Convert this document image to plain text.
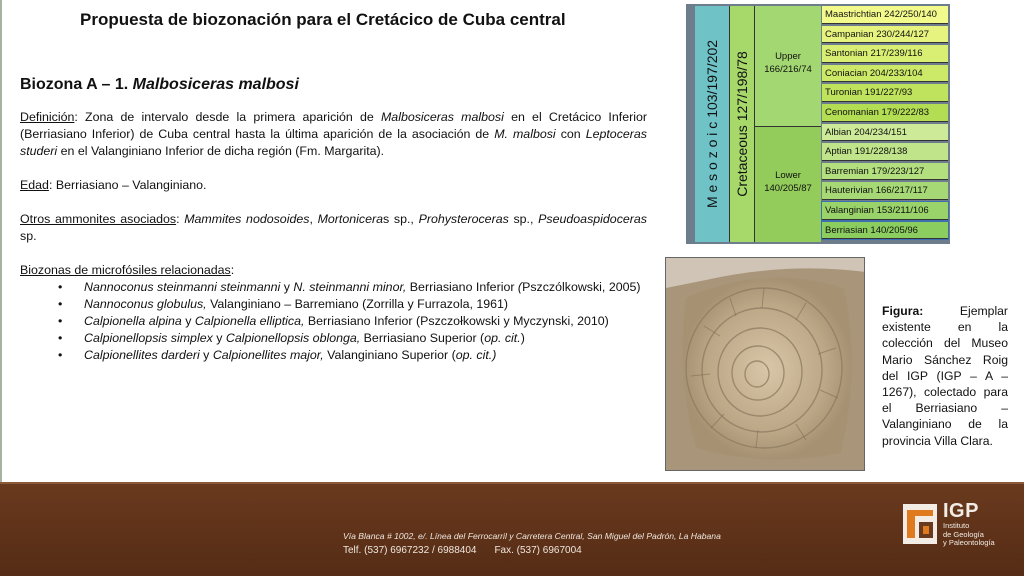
Propuesta de biozonación para el Cretácico de Cuba central
Biozona A – 1. Malbosiceras malbosi

Definición: Zona de intervalo desde la primera aparición de Malbosiceras malbosi en el Cretácico Inferior (Berriasiano Inferior) de Cuba central hasta la última aparición de la asociación de M. malbosi con Leptoceras studeri en el Valanginiano Inferior de dicha región (Fm. Margarita).

Edad: Berriasiano – Valanginiano.

Otros ammonites asociados: Mammites nodosoides, Mortoniceras sp., Prohysteroceras sp., Pseudoaspidoceras sp.

Biozonas de microfósiles relacionadas:

• Nannoconus steinmanni steinmanni y N. steinmanni minor, Berriasiano Inferior (Pszczólkowski, 2005)
• Nannoconus globulus, Valanginiano – Barremiano (Zorrilla y Furrazola, 1961)
• Calpionella alpina y Calpionella elliptica, Berriasiano Inferior (Pszczołkowski y Myczynski, 2010)
• Calpionellopsis simplex y Calpionellopsis oblonga, Berriasiano Superior (op. cit.)
• Calpionellites darderi y Calpionellites major, Valanginiano Superior (op. cit.)
M e s o z o i c 103/197/202 Cretaceous 127/198/78	Upper
166/216/74
Lower
140/205/87
Maastrichtian 242/250/140
Campanian 230/244/127
Santonian 217/239/116
Coniacian 204/233/104
Turonian 191/227/93
Cenomanian 179/222/83
Albian 204/234/151
Aptian 191/228/138
Barremian 179/223/127
Hauterivian 166/217/117
Valanginian 153/211/106
Berriasian 140/205/96
Figura: Ejemplar existente en la colección del Museo Mario Sánchez Roig del IGP (IGP – A – 1267), colectado para el Berriasiano – Valanginiano de la provincia Villa Clara.
Vía Blanca # 1002, e/. Línea del Ferrocarril y Carretera Central, San Miguel del Padrón, La Habana
Telf. (537) 6967232 / 6988404 Fax. (537) 6967004
IGP
Instituto
de Geología
y Paleontología
